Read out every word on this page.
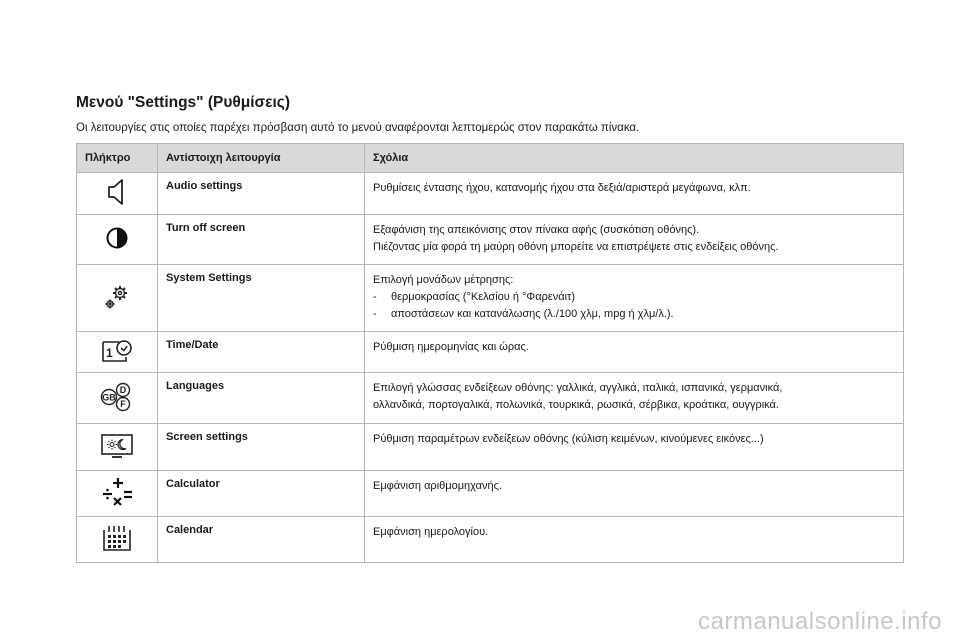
Μενού "Settings" (Ρυθμίσεις)

Οι λειτουργίες στις οποίες παρέχει πρόσβαση αυτό το μενού αναφέρονται λεπτομερώς στον παρακάτω πίνακα.

Πλήκτρο	Αντίστοιχη λειτουργία	Σχόλια
	Audio settings	Ρυθμίσεις έντασης ήχου, κατανομής ήχου στα δεξιά/αριστερά μεγάφωνα, κλπ.

	Turn off screen	Εξαφάνιση της απεικόνισης στον πίνακα αφής (συσκότιση οθόνης).
Πιέζοντας μία φορά τη μαύρη οθόνη μπορείτε να επιστρέψετε στις ενδείξεις οθόνης.

	System Settings	Επιλογή μονάδων μέτρησης:
- θερμοκρασίας (°Κελσίου ή °Φαρενάιτ)
- αποστάσεων και κατανάλωσης (λ./100 χλμ, mpg ή χλμ/λ.).

1	Time/Date	Ρύθμιση ημερομηνίας και ώρας.

D
GB
F	Languages	Επιλογή γλώσσας ενδείξεων οθόνης: γαλλικά, αγγλικά, ιταλικά, ισπανικά, γερμανικά,
ολλανδικά, πορτογαλικά, πολωνικά, τουρκικά, ρωσικά, σέρβικα, κροάτικα, ουγγρικά.

	Screen settings	Ρύθμιση παραμέτρων ενδείξεων οθόνης (κύλιση κειμένων, κινούμενες εικόνες...)

	Calculator	Εμφάνιση αριθμομηχανής.

	Calendar	Εμφάνιση ημερολογίου.
carmanualsonline.info
